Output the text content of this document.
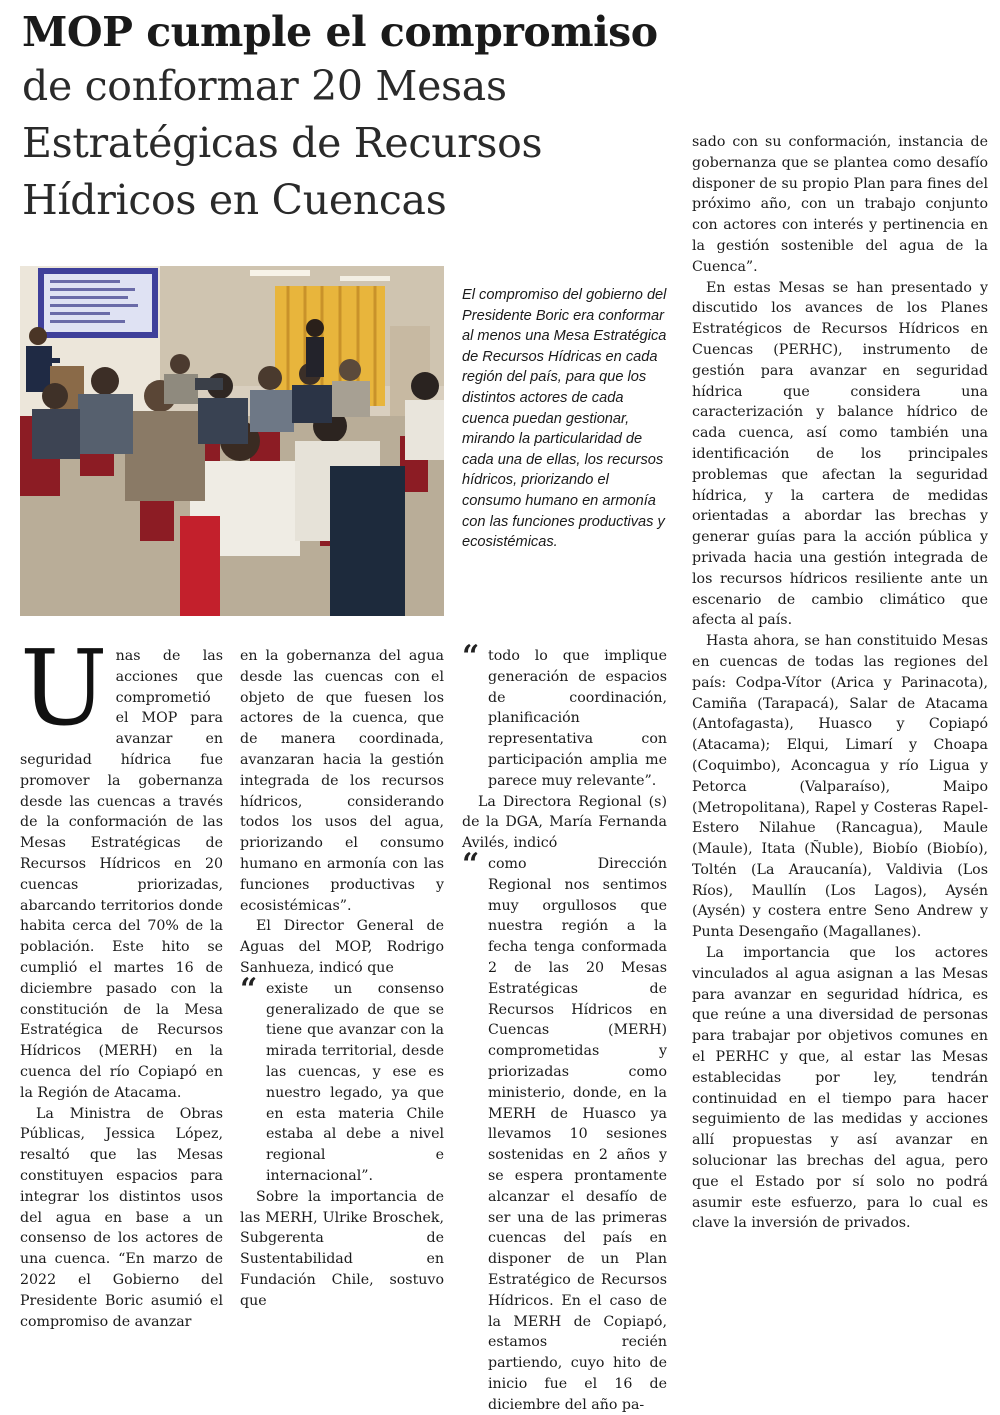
MOP cumple el compromiso
de conformar 20 Mesas
Estratégicas de Recursos
Hídricos en Cuencas
El compromiso del gobierno del Presidente Boric era conformar al menos una Mesa Estratégica de Recursos Hídricas en cada región del país, para que los distintos actores de cada cuenca puedan gestionar, mirando la particularidad de cada una de ellas, los recursos hídricos, priorizando el consumo humano en armonía con las funciones productivas y ecosistémicas.
U nas de las acciones que comprometió el MOP para avanzar en seguridad hídrica fue promover la gobernanza desde las cuencas a través de la conformación de las Mesas Estratégicas de Recursos Hídricos en 20 cuencas priorizadas, abarcando territorios donde habita cerca del 70% de la población. Este hito se cumplió el martes 16 de diciembre pasado con la constitución de la Mesa Estratégica de Recursos Hídricos (MERH) en la cuenca del río Copiapó en la Región de Atacama.

La Ministra de Obras Públicas, Jessica López, resaltó que las Mesas constituyen espacios para integrar los distintos usos del agua en base a un consenso de los actores de una cuenca. “En marzo de 2022 el Gobierno del Presidente Boric asumió el compromiso de avanzar

en la gobernanza del agua desde las cuencas con el objeto de que fuesen los actores de la cuenca, que de manera coordinada, avanzaran hacia la gestión integrada de los recursos hídricos, considerando todos los usos del agua, priorizando el consumo humano en armonía con las funciones productivas y ecosistémicas”.

El Director General de Aguas del MOP, Rodrigo Sanhueza, indicó que

“ existe un consenso generalizado de que se tiene que avanzar con la mirada territorial, desde las cuencas, y ese es nuestro legado, ya que en esta materia Chile estaba al debe a nivel regional e internacional”.

Sobre la importancia de las MERH, Ulrike Broschek, Subgerenta de Sustentabilidad en Fundación Chile, sostuvo que

“ todo lo que implique generación de espacios de coordinación, planificación representativa con participación amplia me parece muy relevante”.

La Directora Regional (s) de la DGA, María Fernanda Avilés, indicó

“ como Dirección Regional nos sentimos muy orgullosos que nuestra región a la fecha tenga conformada 2 de las 20 Mesas Estratégicas de Recursos Hídricos en Cuencas (MERH) comprometidas y priorizadas como ministerio, donde, en la MERH de Huasco ya llevamos 10 sesiones sostenidas en 2 años y se espera prontamente alcanzar el desafío de ser una de las primeras cuencas del país en disponer de un Plan Estratégico de Recursos Hídricos. En el caso de la MERH de Copiapó, estamos recién partiendo, cuyo hito de inicio fue el 16 de diciembre del año pa-

sado con su conformación, instancia de gobernanza que se plantea como desafío disponer de su propio Plan para fines del próximo año, con un trabajo conjunto con actores con interés y pertinencia en la gestión sostenible del agua de la Cuenca”.

En estas Mesas se han presentado y discutido los avances de los Planes Estratégicos de Recursos Hídricos en Cuencas (PERHC), instrumento de gestión para avanzar en seguridad hídrica que considera una caracterización y balance hídrico de cada cuenca, así como también una identificación de los principales problemas que afectan la seguridad hídrica, y la cartera de medidas orientadas a abordar las brechas y generar guías para la acción pública y privada hacia una gestión integrada de los recursos hídricos resiliente ante un escenario de cambio climático que afecta al país.

Hasta ahora, se han constituido Mesas en cuencas de todas las regiones del país: Codpa-Vítor (Arica y Parinacota), Camiña (Tarapacá), Salar de Atacama (Antofagasta), Huasco y Copiapó (Atacama); Elqui, Limarí y Choapa (Coquimbo), Aconcagua y río Ligua y Petorca (Valparaíso), Maipo (Metropolitana), Rapel y Costeras Rapel-Estero Nilahue (Rancagua), Maule (Maule), Itata (Ñuble), Biobío (Biobío), Toltén (La Araucanía), Valdivia (Los Ríos), Maullín (Los Lagos), Aysén (Aysén) y costera entre Seno Andrew y Punta Desengaño (Magallanes).

La importancia que los actores vinculados al agua asignan a las Mesas para avanzar en seguridad hídrica, es que reúne a una diversidad de personas para trabajar por objetivos comunes en el PERHC y que, al estar las Mesas establecidas por ley, tendrán continuidad en el tiempo para hacer seguimiento de las medidas y acciones allí propuestas y así avanzar en solucionar las brechas del agua, pero que el Estado por sí solo no podrá asumir este esfuerzo, para lo cual es clave la inversión de privados.
